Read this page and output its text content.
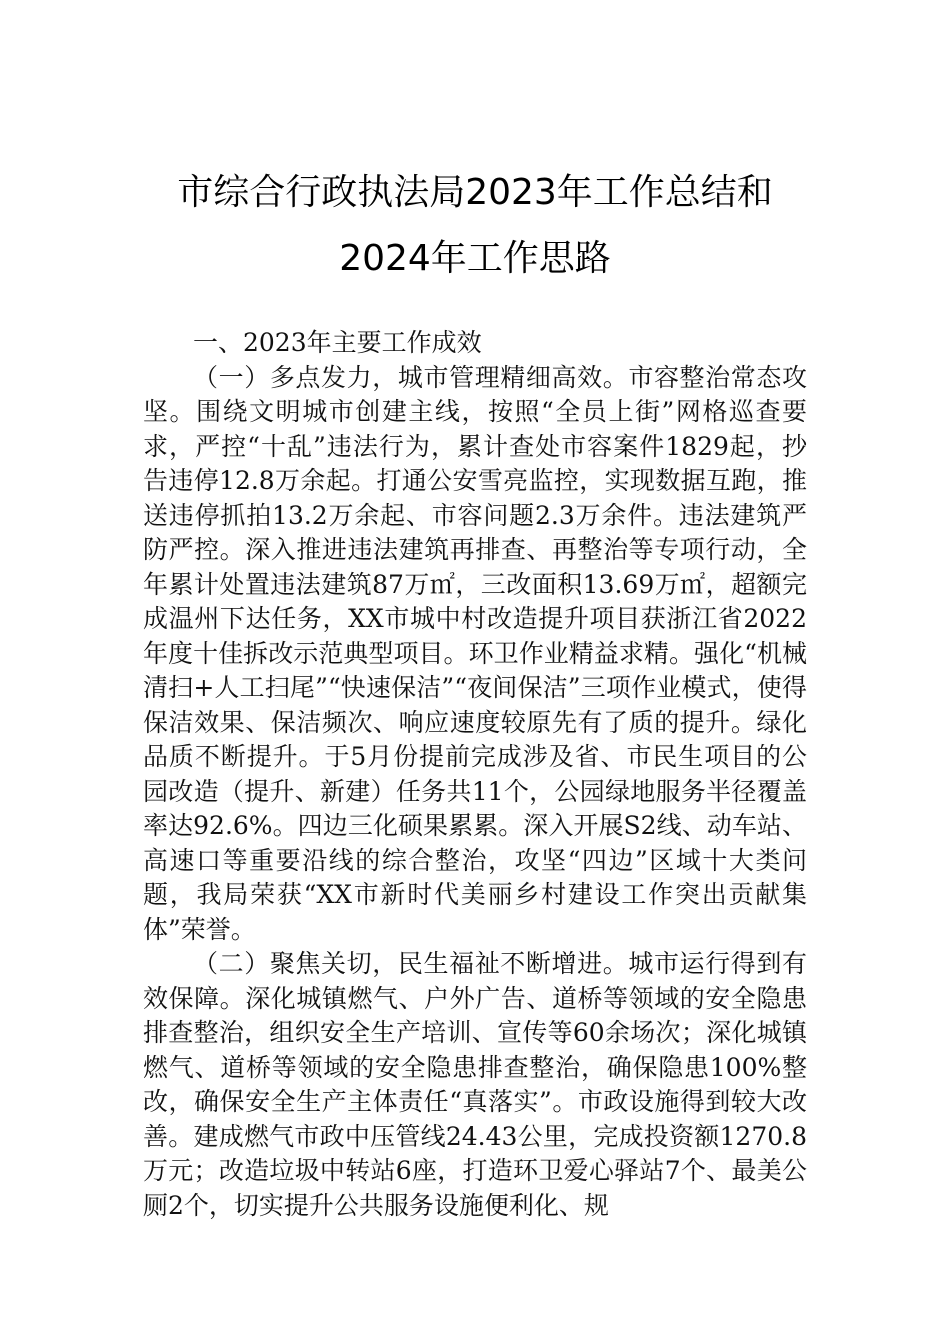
市综合行政执法局2023年工作总结和2024年工作思路

一、2023年主要工作成效

（一）多点发力，城市管理精细高效。市容整治常态攻坚。围绕文明城市创建主线，按照“全员上街”网格巡查要求，严控“十乱”违法行为，累计查处市容案件1829起，抄告违停12.8万余起。打通公安雪亮监控，实现数据互跑，推送违停抓拍13.2万余起、市容问题2.3万余件。违法建筑严防严控。深入推进违法建筑再排查、再整治等专项行动，全年累计处置违法建筑87万㎡，三改面积13.69万㎡，超额完成温州下达任务，XX市城中村改造提升项目获浙江省2022年度十佳拆改示范典型项目。环卫作业精益求精。强化“机械清扫+人工扫尾”“快速保洁”“夜间保洁”三项作业模式，使得保洁效果、保洁频次、响应速度较原先有了质的提升。绿化品质不断提升。于5月份提前完成涉及省、市民生项目的公园改造（提升、新建）任务共11个，公园绿地服务半径覆盖率达92.6%。四边三化硕果累累。深入开展S2线、动车站、高速口等重要沿线的综合整治，攻坚“四边”区域十大类问题，我局荣获“XX市新时代美丽乡村建设工作突出贡献集体”荣誉。

（二）聚焦关切，民生福祉不断增进。城市运行得到有效保障。深化城镇燃气、户外广告、道桥等领域的安全隐患排查整治，组织安全生产培训、宣传等60余场次；深化城镇燃气、道桥等领域的安全隐患排查整治，确保隐患100%整改，确保安全生产主体责任“真落实”。市政设施得到较大改善。建成燃气市政中压管线24.43公里，完成投资额1270.8万元；改造垃圾中转站6座，打造环卫爱心驿站7个、最美公厕2个，切实提升公共服务设施便利化、规
